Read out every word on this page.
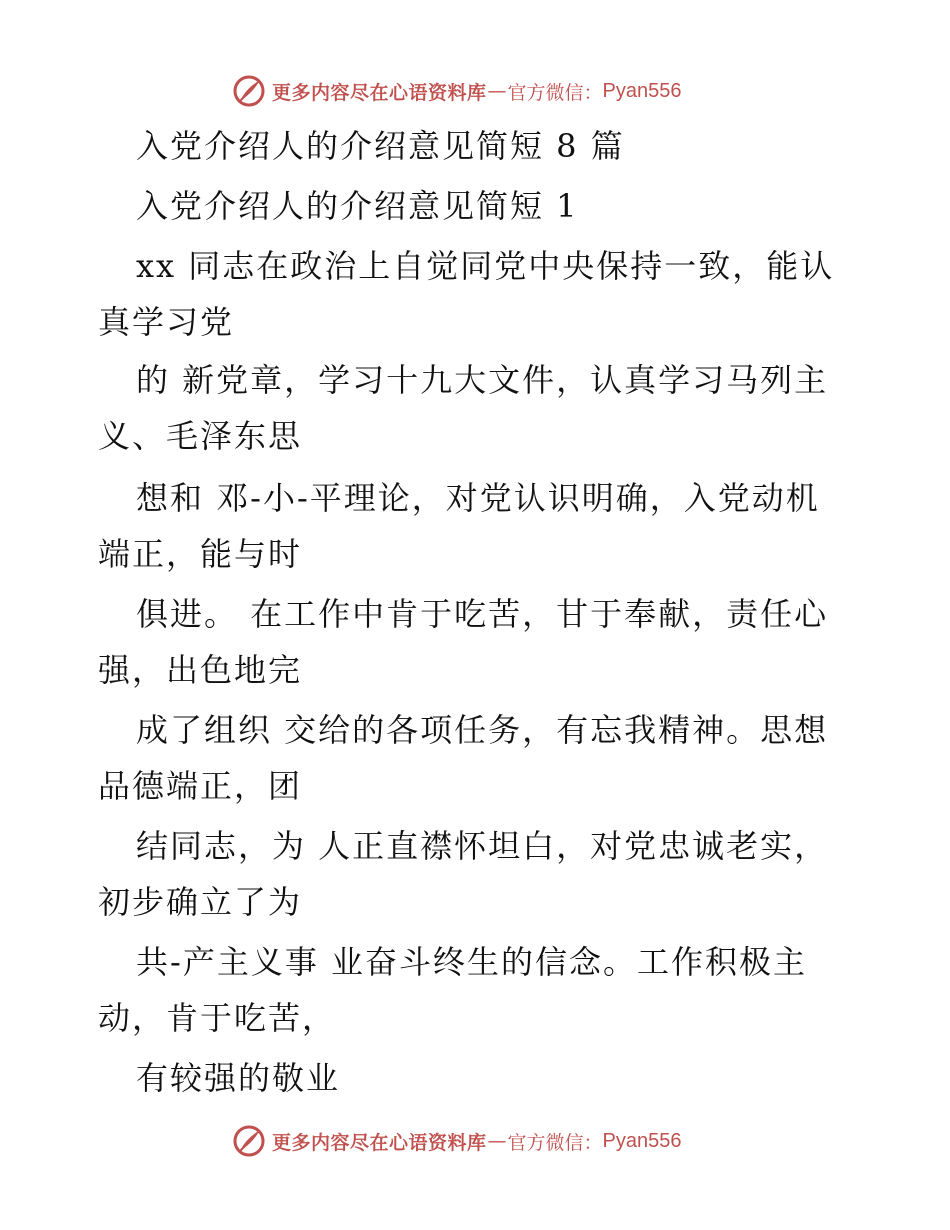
更多内容尽在心语资料库 — 官方微信： Pyan556
入党介绍人的介绍意见简短 8 篇
入党介绍人的介绍意见简短 1
xx 同志在政治上自觉同党中央保持一致，能认
真学习党
的 新党章，学习十九大文件，认真学习马列主
义、毛泽东思
想和 邓-小-平理论，对党认识明确，入党动机
端正，能与时
俱进。 在工作中肯于吃苦，甘于奉献，责任心
强，出色地完
成了组织 交给的各项任务，有忘我精神。思想
品德端正，团
结同志，为 人正直襟怀坦白，对党忠诚老实，
初步确立了为
共-产主义事 业奋斗终生的信念。工作积极主
动，肯于吃苦，
有较强的敬业
更多内容尽在心语资料库 — 官方微信： Pyan556
